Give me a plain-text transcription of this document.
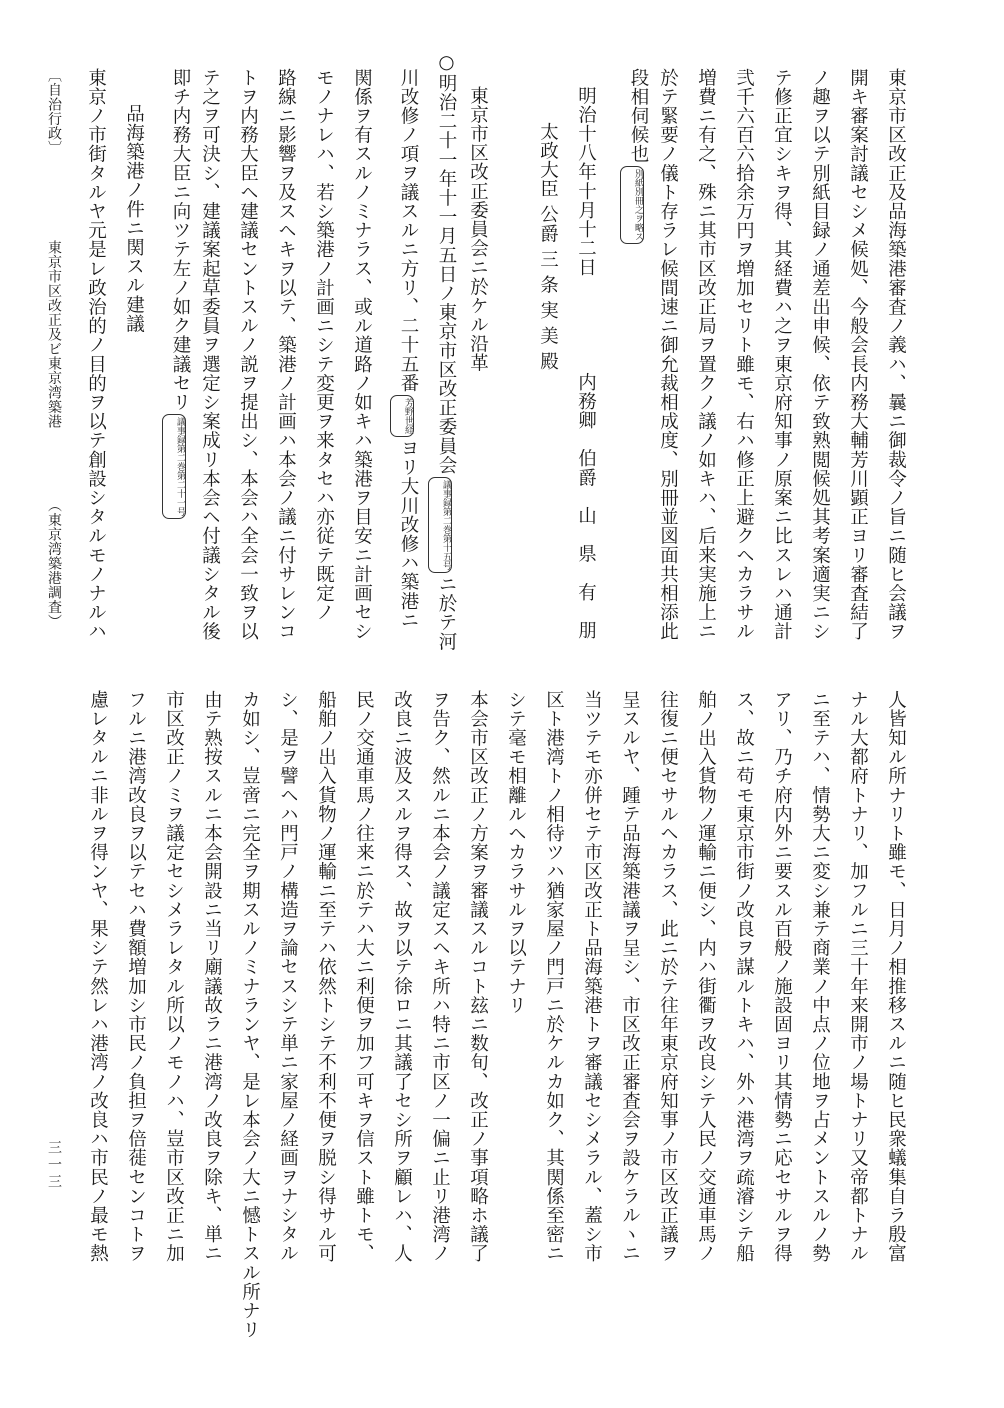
東京市区改正及品海築港審査ノ義ハ、曩ニ御裁令ノ旨ニ随ヒ会議ヲ
開キ審案討議セシメ候処、今般会長内務大輔芳川顕正ヨリ審査結了
ノ趣ヲ以テ別紙目録ノ通差出申候、依テ致熟閲候処其考案適実ニシ
テ修正宜シキヲ得、其経費ハ之ヲ東京府知事ノ原案ニ比スレハ通計
弐千六百六拾余万円ヲ増加セリト雖モ、右ハ修正上避クヘカラサル
増費ニ有之、殊ニ其市区改正局ヲ置クノ議ノ如キハ、后来実施上ニ
於テ緊要ノ儀ト存ラレ候間速ニ御允裁相成度、別冊並図面共相添此
段相伺候也別紙別冊之ヲ略ス
明治十八年十月十二日　　　　　内務卿　伯爵　山　県　有　朋
太政大臣 公爵 三 条 実 美 殿
東京市区改正委員会ニ於ケル沿革
○明治二十一年十一月五日ノ東京市区改正委員会議事録第二巻第十五号ニ於テ河
川改修ノ項ヲ議スルニ方リ、二十五番芳野世経ヨリ大川改修ハ築港ニ
関係ヲ有スルノミナラス、或ル道路ノ如キハ築港ヲ目安ニ計画セシ
モノナレハ、若シ築港ノ計画ニシテ変更ヲ来タセハ亦従テ既定ノ
路線ニ影響ヲ及スヘキヲ以テ、築港ノ計画ハ本会ノ議ニ付サレンコ
トヲ内務大臣ヘ建議セントスルノ説ヲ提出シ、本会ハ全会一致ヲ以
テ之ヲ可決シ、建議案起草委員ヲ選定シ案成リ本会ヘ付議シタル後
即チ内務大臣ニ向ツテ左ノ如ク建議セリ議事録第二巻第二十一号
品海築港ノ件ニ関スル建議
東京ノ市街タルヤ元是レ政治的ノ目的ヲ以テ創設シタルモノナルハ
人皆知ル所ナリト雖モ、日月ノ相推移スルニ随ヒ民衆蟻集自ラ殷富
ナル大都府トナリ、加フルニ三十年来開市ノ場トナリ又帝都トナル
ニ至テハ、情勢大ニ変シ兼テ商業ノ中点ノ位地ヲ占メントスルノ勢
アリ、乃チ府内外ニ要スル百般ノ施設固ヨリ其情勢ニ応セサルヲ得
ス、故ニ苟モ東京市街ノ改良ヲ謀ルトキハ、外ハ港湾ヲ疏濬シテ船
舶ノ出入貨物ノ運輸ニ便シ、内ハ街衢ヲ改良シテ人民ノ交通車馬ノ
往復ニ便セサルヘカラス、此ニ於テ往年東京府知事ノ市区改正議ヲ
呈スルヤ、踵テ品海築港議ヲ呈シ、市区改正審査会ヲ設ケラルヽニ
当ツテモ亦併セテ市区改正ト品海築港トヲ審議セシメラル、蓋シ市
区ト港湾トノ相待ツハ猶家屋ノ門戸ニ於ケルカ如ク、其関係至密ニ
シテ毫モ相離ルヘカラサルヲ以テナリ
本会市区改正ノ方案ヲ審議スルコト玆ニ数旬、改正ノ事項略ホ議了
ヲ告ク、然ルニ本会ノ議定スヘキ所ハ特ニ市区ノ一偏ニ止リ港湾ノ
改良ニ波及スルヲ得ス、故ヲ以テ徐ロニ其議了セシ所ヲ顧レハ、人
民ノ交通車馬ノ往来ニ於テハ大ニ利便ヲ加フ可キヲ信スト雖トモ、
船舶ノ出入貨物ノ運輸ニ至テハ依然トシテ不利不便ヲ脱シ得サル可
シ、是ヲ譬ヘハ門戸ノ構造ヲ論セスシテ単ニ家屋ノ経画ヲナシタル
カ如シ、豈啻ニ完全ヲ期スルノミナランヤ、是レ本会ノ大ニ憾トスル所ナリ
由テ熟按スルニ本会開設ニ当リ廟議故ラニ港湾ノ改良ヲ除キ、単ニ
市区改正ノミヲ議定セシメラレタル所以ノモノハ、豈市区改正ニ加
フルニ港湾改良ヲ以テセハ費額増加シ市民ノ負担ヲ倍蓰センコトヲ
慮レタルニ非ルヲ得ンヤ、果シテ然レハ港湾ノ改良ハ市民ノ最モ熱
〔自治行政〕
東京市区改正及ビ東京湾築港
（東京湾築港調査）
三一三
